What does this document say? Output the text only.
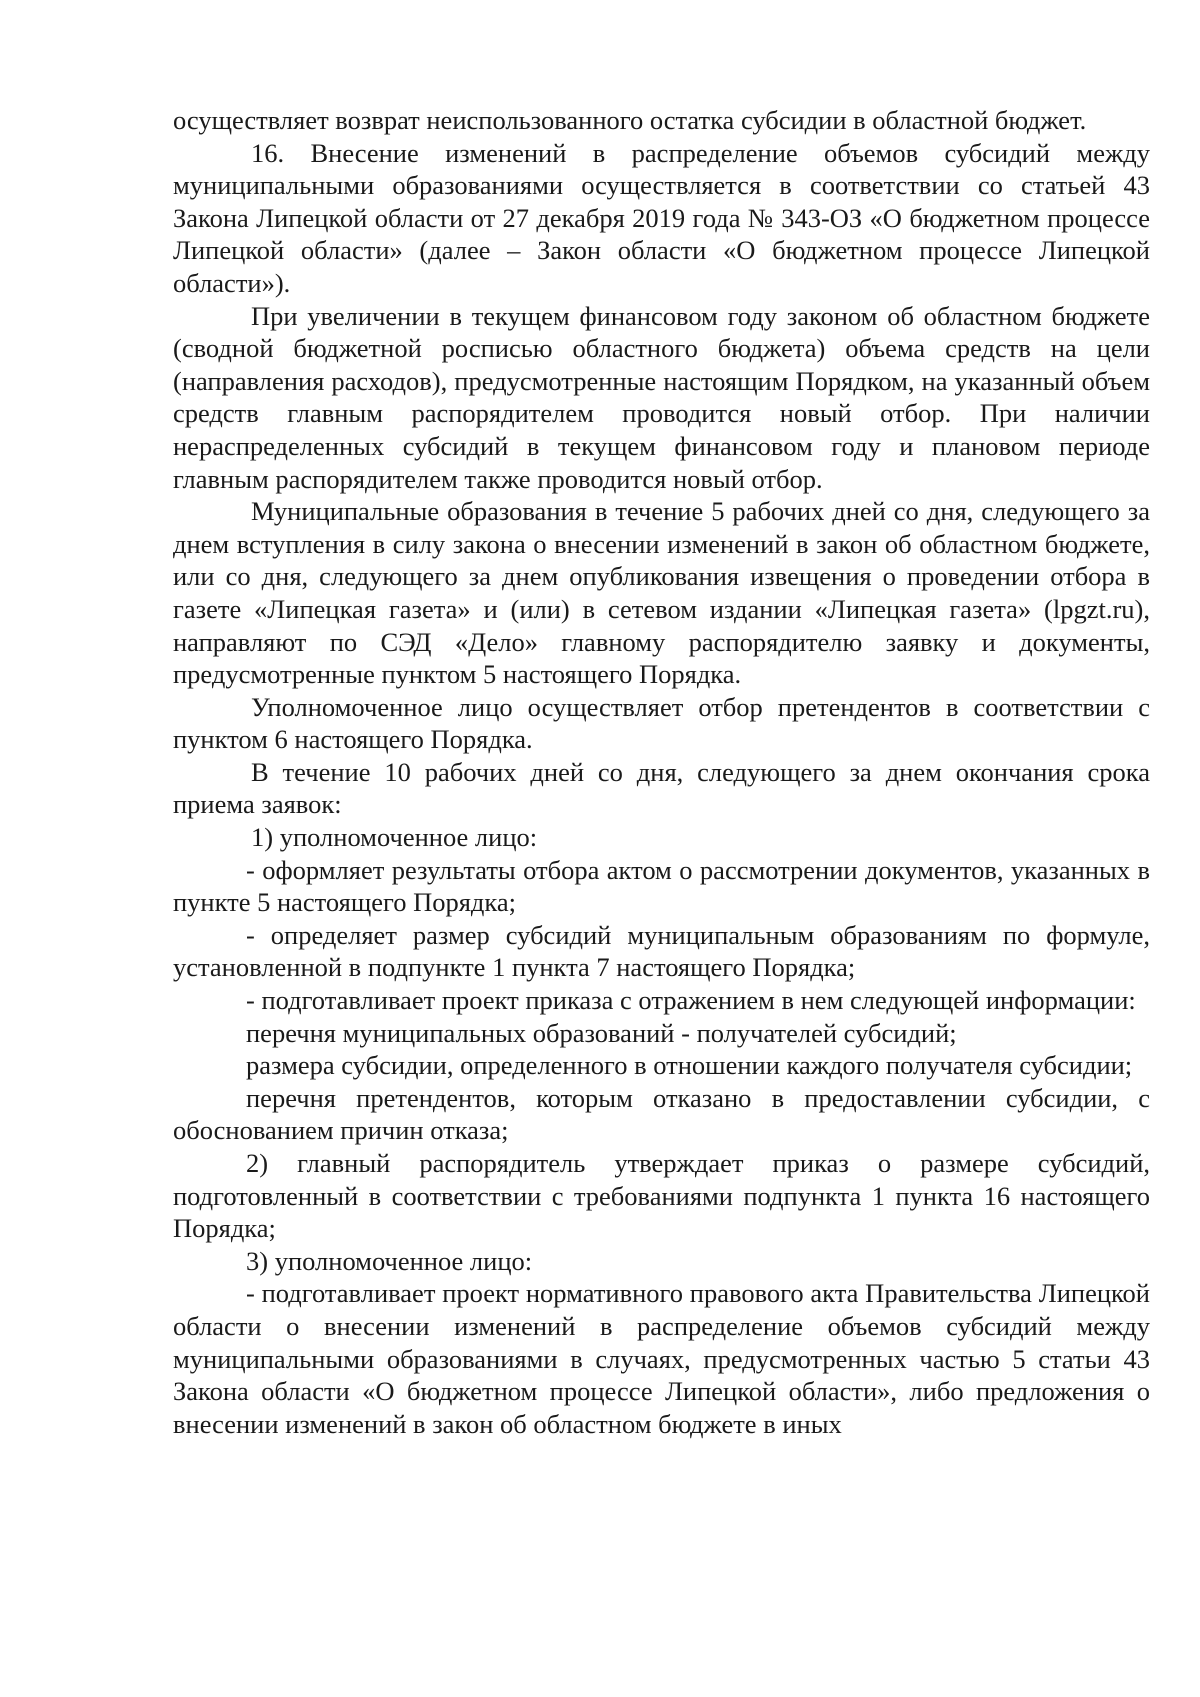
осуществляет возврат неиспользованного остатка субсидии в областной бюджет.

16. Внесение изменений в распределение объемов субсидий между муниципальными образованиями осуществляется в соответствии со статьей 43 Закона Липецкой области от 27 декабря 2019 года № 343-ОЗ «О бюджетном процессе Липецкой области» (далее – Закон области «О бюджетном процессе Липецкой области»).

При увеличении в текущем финансовом году законом об областном бюджете (сводной бюджетной росписью областного бюджета) объема средств на цели (направления расходов), предусмотренные настоящим Порядком, на указанный объем средств главным распорядителем проводится новый отбор. При наличии нераспределенных субсидий в текущем финансовом году и плановом периоде главным распорядителем также проводится новый отбор.

Муниципальные образования в течение 5 рабочих дней со дня, следующего за днем вступления в силу закона о внесении изменений в закон об областном бюджете, или со дня, следующего за днем опубликования извещения о проведении отбора в газете «Липецкая газета» и (или) в сетевом издании «Липецкая газета» (lpgzt.ru), направляют по СЭД «Дело» главному распорядителю заявку и документы, предусмотренные пунктом 5 настоящего Порядка.

Уполномоченное лицо осуществляет отбор претендентов в соответствии с пунктом 6 настоящего Порядка.

В течение 10 рабочих дней со дня, следующего за днем окончания срока приема заявок:

1) уполномоченное лицо:

- оформляет результаты отбора актом о рассмотрении документов, указанных в пункте 5 настоящего Порядка;

- определяет размер субсидий муниципальным образованиям по формуле, установленной в подпункте 1 пункта 7 настоящего Порядка;

- подготавливает проект приказа с отражением в нем следующей информации:

перечня муниципальных образований - получателей субсидий;

размера субсидии, определенного в отношении каждого получателя субсидии;

перечня претендентов, которым отказано в предоставлении субсидии, с обоснованием причин отказа;

2) главный распорядитель утверждает приказ о размере субсидий, подготовленный в соответствии с требованиями подпункта 1 пункта 16 настоящего Порядка;

3) уполномоченное лицо:

- подготавливает проект нормативного правового акта Правительства Липецкой области о внесении изменений в распределение объемов субсидий между муниципальными образованиями в случаях, предусмотренных частью 5 статьи 43 Закона области «О бюджетном процессе Липецкой области», либо предложения о внесении изменений в закон об областном бюджете в иных
